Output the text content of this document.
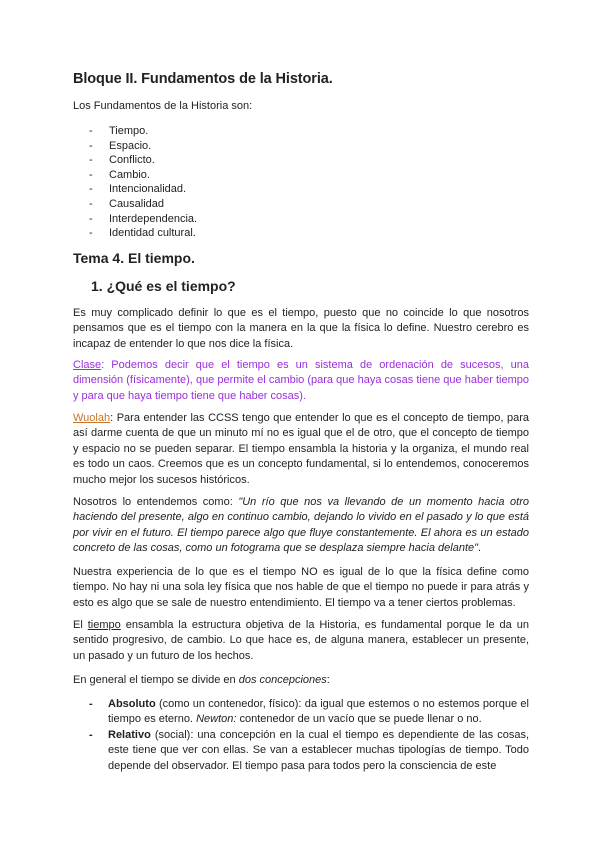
Bloque II. Fundamentos de la Historia.

Los Fundamentos de la Historia son:

- Tiempo.
- Espacio.
- Conflicto.
- Cambio.
- Intencionalidad.
- Causalidad
- Interdependencia.
- Identidad cultural.
Tema 4. El tiempo.
1. ¿Qué es el tiempo?

Es muy complicado definir lo que es el tiempo, puesto que no coincide lo que nosotros pensamos que es el tiempo con la manera en la que la física lo define. Nuestro cerebro es incapaz de entender lo que nos dice la física.

Clase: Podemos decir que el tiempo es un sistema de ordenación de sucesos, una dimensión (físicamente), que permite el cambio (para que haya cosas tiene que haber tiempo y para que haya tiempo tiene que haber cosas).

Wuolah: Para entender las CCSS tengo que entender lo que es el concepto de tiempo, para así darme cuenta de que un minuto mí no es igual que el de otro, que el concepto de tiempo y espacio no se pueden separar. El tiempo ensambla la historia y la organiza, el mundo real es todo un caos. Creemos que es un concepto fundamental, si lo entendemos, conoceremos mucho mejor los sucesos históricos.

Nosotros lo entendemos como: "Un río que nos va llevando de un momento hacia otro haciendo del presente, algo en continuo cambio, dejando lo vivido en el pasado y lo que está por vivir en el futuro. El tiempo parece algo que fluye constantemente. El ahora es un estado concreto de las cosas, como un fotograma que se desplaza siempre hacia delante".

Nuestra experiencia de lo que es el tiempo NO es igual de lo que la física define como tiempo. No hay ni una sola ley física que nos hable de que el tiempo no puede ir para atrás y esto es algo que se sale de nuestro entendimiento. El tiempo va a tener ciertos problemas.

El tiempo ensambla la estructura objetiva de la Historia, es fundamental porque le da un sentido progresivo, de cambio. Lo que hace es, de alguna manera, establecer un presente, un pasado y un futuro de los hechos.

En general el tiempo se divide en dos concepciones:

- Absoluto (como un contenedor, físico): da igual que estemos o no estemos porque el tiempo es eterno. Newton: contenedor de un vacío que se puede llenar o no.
- Relativo (social): una concepción en la cual el tiempo es dependiente de las cosas, este tiene que ver con ellas. Se van a establecer muchas tipologías de tiempo. Todo depende del observador. El tiempo pasa para todos pero la consciencia de este
